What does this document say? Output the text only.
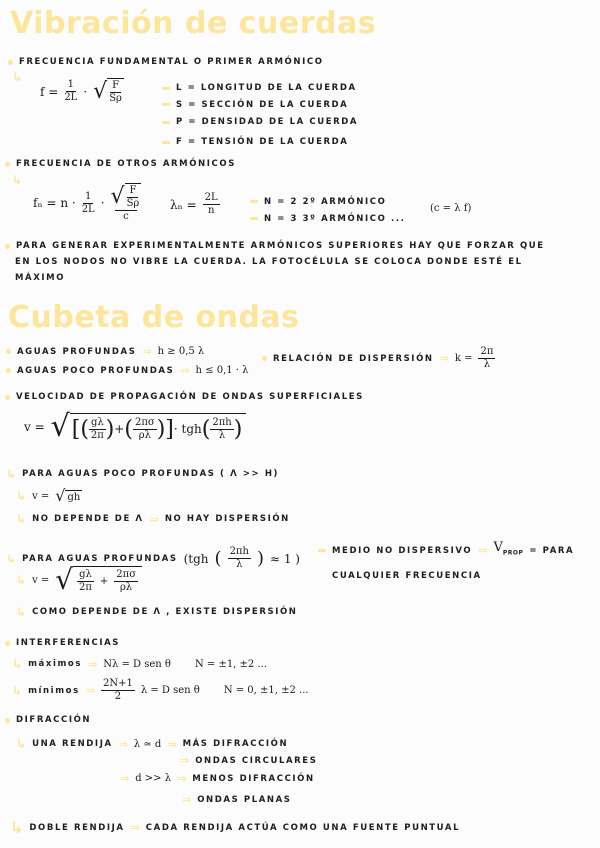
Vibración de cuerdas
FRECUENCIA FUNDAMENTAL O PRIMER ARMÓNICO
↳
$f = \frac{1}{2L}$ · √ $\frac{F}{S\rho}$	L = LONGITUD DE LA CUERDA
S = SECCIÓN DE LA CUERDA
Ρ = DENSIDAD DE LA CUERDA
F = TENSIÓN DE LA CUERDA
FRECUENCIA DE OTROS ARMÓNICOS
↳
$f_n = n \cdot \frac{1}{2L}$ · √ $\frac{F}{S\rho}$
c
$\lambda_n = \frac{2L}{n}$	N = 2 2º ARMÓNICO
N = 3 3º ARMÓNICO ...
(c = λ f)
PARA GENERAR EXPERIMENTALMENTE ARMÓNICOS SUPERIORES HAY QUE FORZAR QUE
EN LOS NODOS NO VIBRE LA CUERDA. LA FOTOCÉLULA SE COLOCA DONDE ESTÉ EL
MÁXIMO
Cubeta de ondas
AGUAS PROFUNDAS ⇒ h ≥ 0,5 λ
AGUAS POCO PROFUNDAS ⇒ h ≤ 0,1 · λ
RELACIÓN DE DISPERSIÓN ⇒ $k = \frac{2\pi}{\lambda}$
VELOCIDAD DE PROPAGACIÓN DE ONDAS SUPERFICIALES
v = √ [( $\frac{g\lambda}{2\pi}$ ) + ( $\frac{2\pi\sigma}{\rho\lambda}$ )] · tgh ( $\frac{2\pi h}{\lambda}$ )
↳ PARA AGUAS POCO PROFUNDAS ( Λ >> H)
↳ v = √ gh
↳ NO DEPENDE DE Λ ⇒ NO HAY DISPERSIÓN
↳ PARA AGUAS PROFUNDAS (tgh ( $\frac{2\pi h}{\lambda}$ ) ≈ 1 )
↳ v = √ $\frac{g\lambda}{2\pi} + \frac{2\pi\sigma}{\rho\lambda}$
↳ COMO DEPENDE DE Λ , EXISTE DISPERSIÓN
MEDIO NO DISPERSIVO ⇒ $V_{PROP}$ = PARA
CUALQUIER FRECUENCIA
INTERFERENCIAS
↳ máximos ⇒ Nλ = D sen θ N = ±1, ±2 ...
↳ mínimos ⇒ $\frac{2N+1}{2}$ λ = D sen θ N = 0, ±1, ±2 ...
DIFRACCIÓN
↳ UNA RENDIJA ⇒ λ ≃ d ⇒ MÁS DIFRACCIÓN
⇒ ONDAS CIRCULARES
⇒ d >> λ ⇒ MENOS DIFRACCIÓN
⇒ ONDAS PLANAS
↳ DOBLE RENDIJA ⇒ CADA RENDIJA ACTÚA COMO UNA FUENTE PUNTUAL
